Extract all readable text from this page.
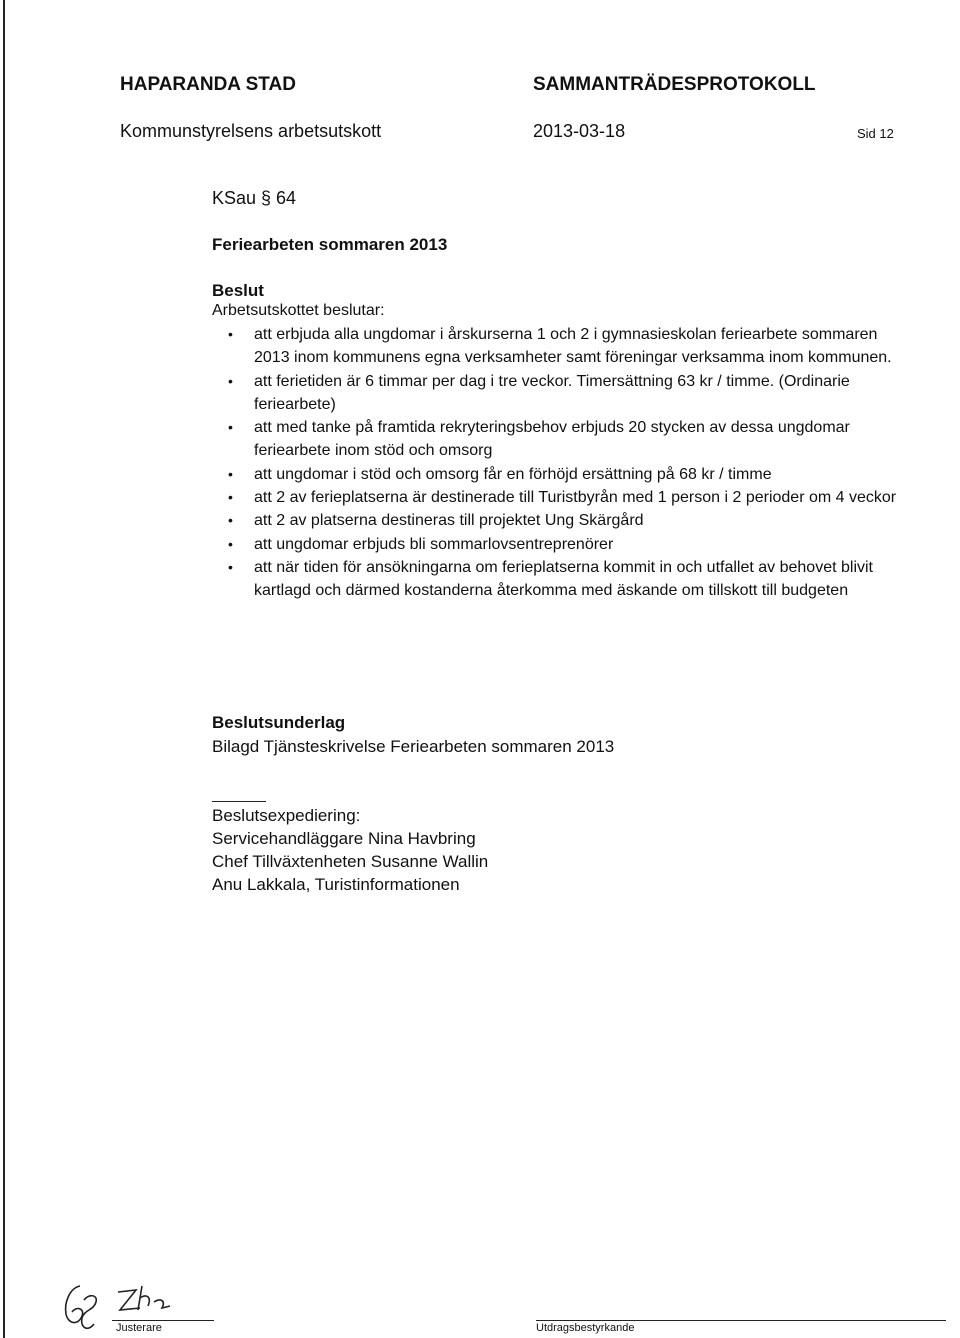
HAPARANDA STAD	SAMMANTRÄDESPROTOKOLL
Kommunstyrelsens arbetsutskott	2013-03-18	Sid 12
KSau § 64
Feriearbeten sommaren 2013
Beslut
Arbetsutskottet beslutar:
• att erbjuda alla ungdomar i årskurserna 1 och 2 i gymnasieskolan feriearbete sommaren 2013 inom kommunens egna verksamheter samt föreningar verksamma inom kommunen.
• att ferietiden är 6 timmar per dag i tre veckor. Timersättning 63 kr / timme. (Ordinarie feriearbete)
• att med tanke på framtida rekryteringsbehov erbjuds 20 stycken av dessa ungdomar feriearbete inom stöd och omsorg
• att ungdomar i stöd och omsorg får en förhöjd ersättning på 68 kr / timme
• att 2 av ferieplatserna är destinerade till Turistbyrån med 1 person i 2 perioder om 4 veckor
• att 2 av platserna destineras till projektet Ung Skärgård
• att ungdomar erbjuds bli sommarlovsentreprenörer
• att när tiden för ansökningarna om ferieplatserna kommit in och utfallet av behovet blivit kartlagd och därmed kostanderna återkomma med äskande om tillskott till budgeten
Beslutsunderlag
Bilagd Tjänsteskrivelse Feriearbeten sommaren 2013
Beslutsexpediering:
Servicehandläggare Nina Havbring
Chef Tillväxtenheten Susanne Wallin
Anu Lakkala, Turistinformationen
Justerare	Utdragsbestyrkande
